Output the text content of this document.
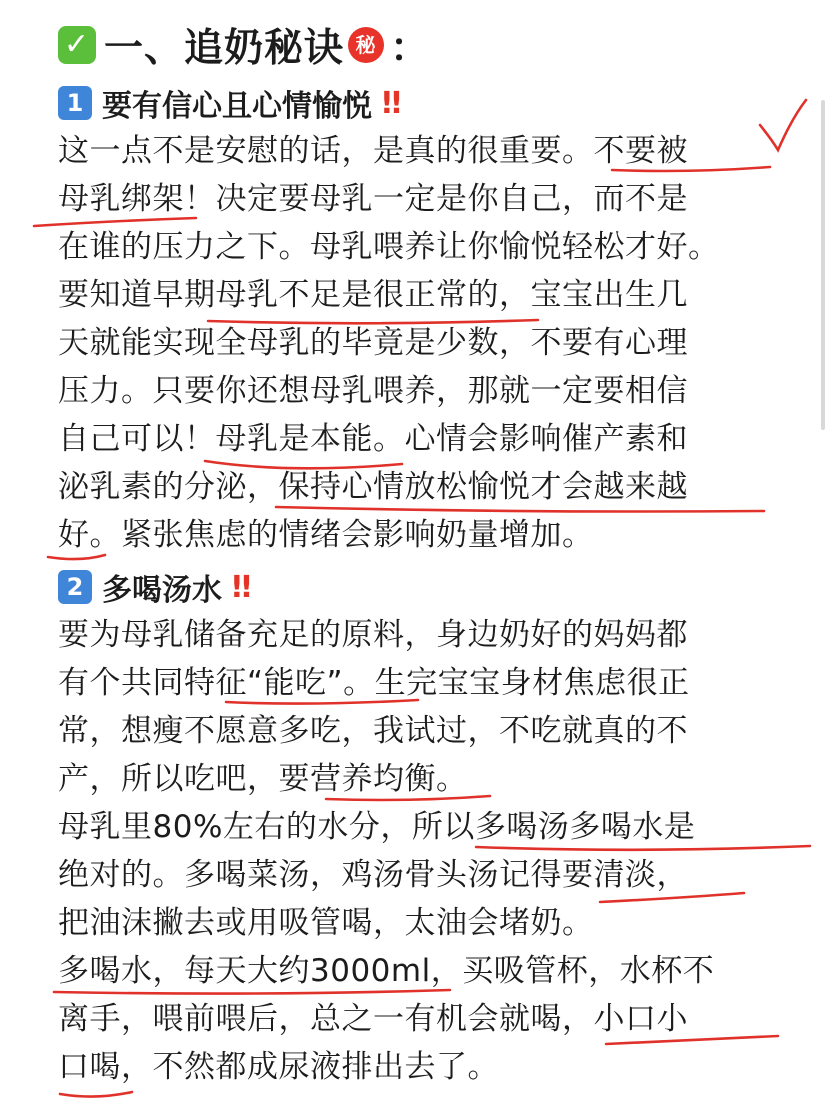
✓ 一、追奶秘诀 秘 ：
1 要有信心且心情愉悦 !!
这一点不是安慰的话，是真的很重要。不要被
母乳绑架！决定要母乳一定是你自己，而不是
在谁的压力之下。母乳喂养让你愉悦轻松才好。
要知道早期母乳不足是很正常的，宝宝出生几
天就能实现全母乳的毕竟是少数，不要有心理
压力。只要你还想母乳喂养，那就一定要相信
自己可以！母乳是本能。心情会影响催产素和
泌乳素的分泌，保持心情放松愉悦才会越来越
好。紧张焦虑的情绪会影响奶量增加。
2 多喝汤水 !!
要为母乳储备充足的原料，身边奶好的妈妈都
有个共同特征“能吃”。生完宝宝身材焦虑很正
常，想瘦不愿意多吃，我试过，不吃就真的不
产，所以吃吧，要营养均衡。
母乳里80%左右的水分，所以多喝汤多喝水是
绝对的。多喝菜汤，鸡汤骨头汤记得要清淡，
把油沫撇去或用吸管喝，太油会堵奶。
多喝水，每天大约3000ml，买吸管杯，水杯不
离手，喂前喂后，总之一有机会就喝，小口小
口喝，不然都成尿液排出去了。
